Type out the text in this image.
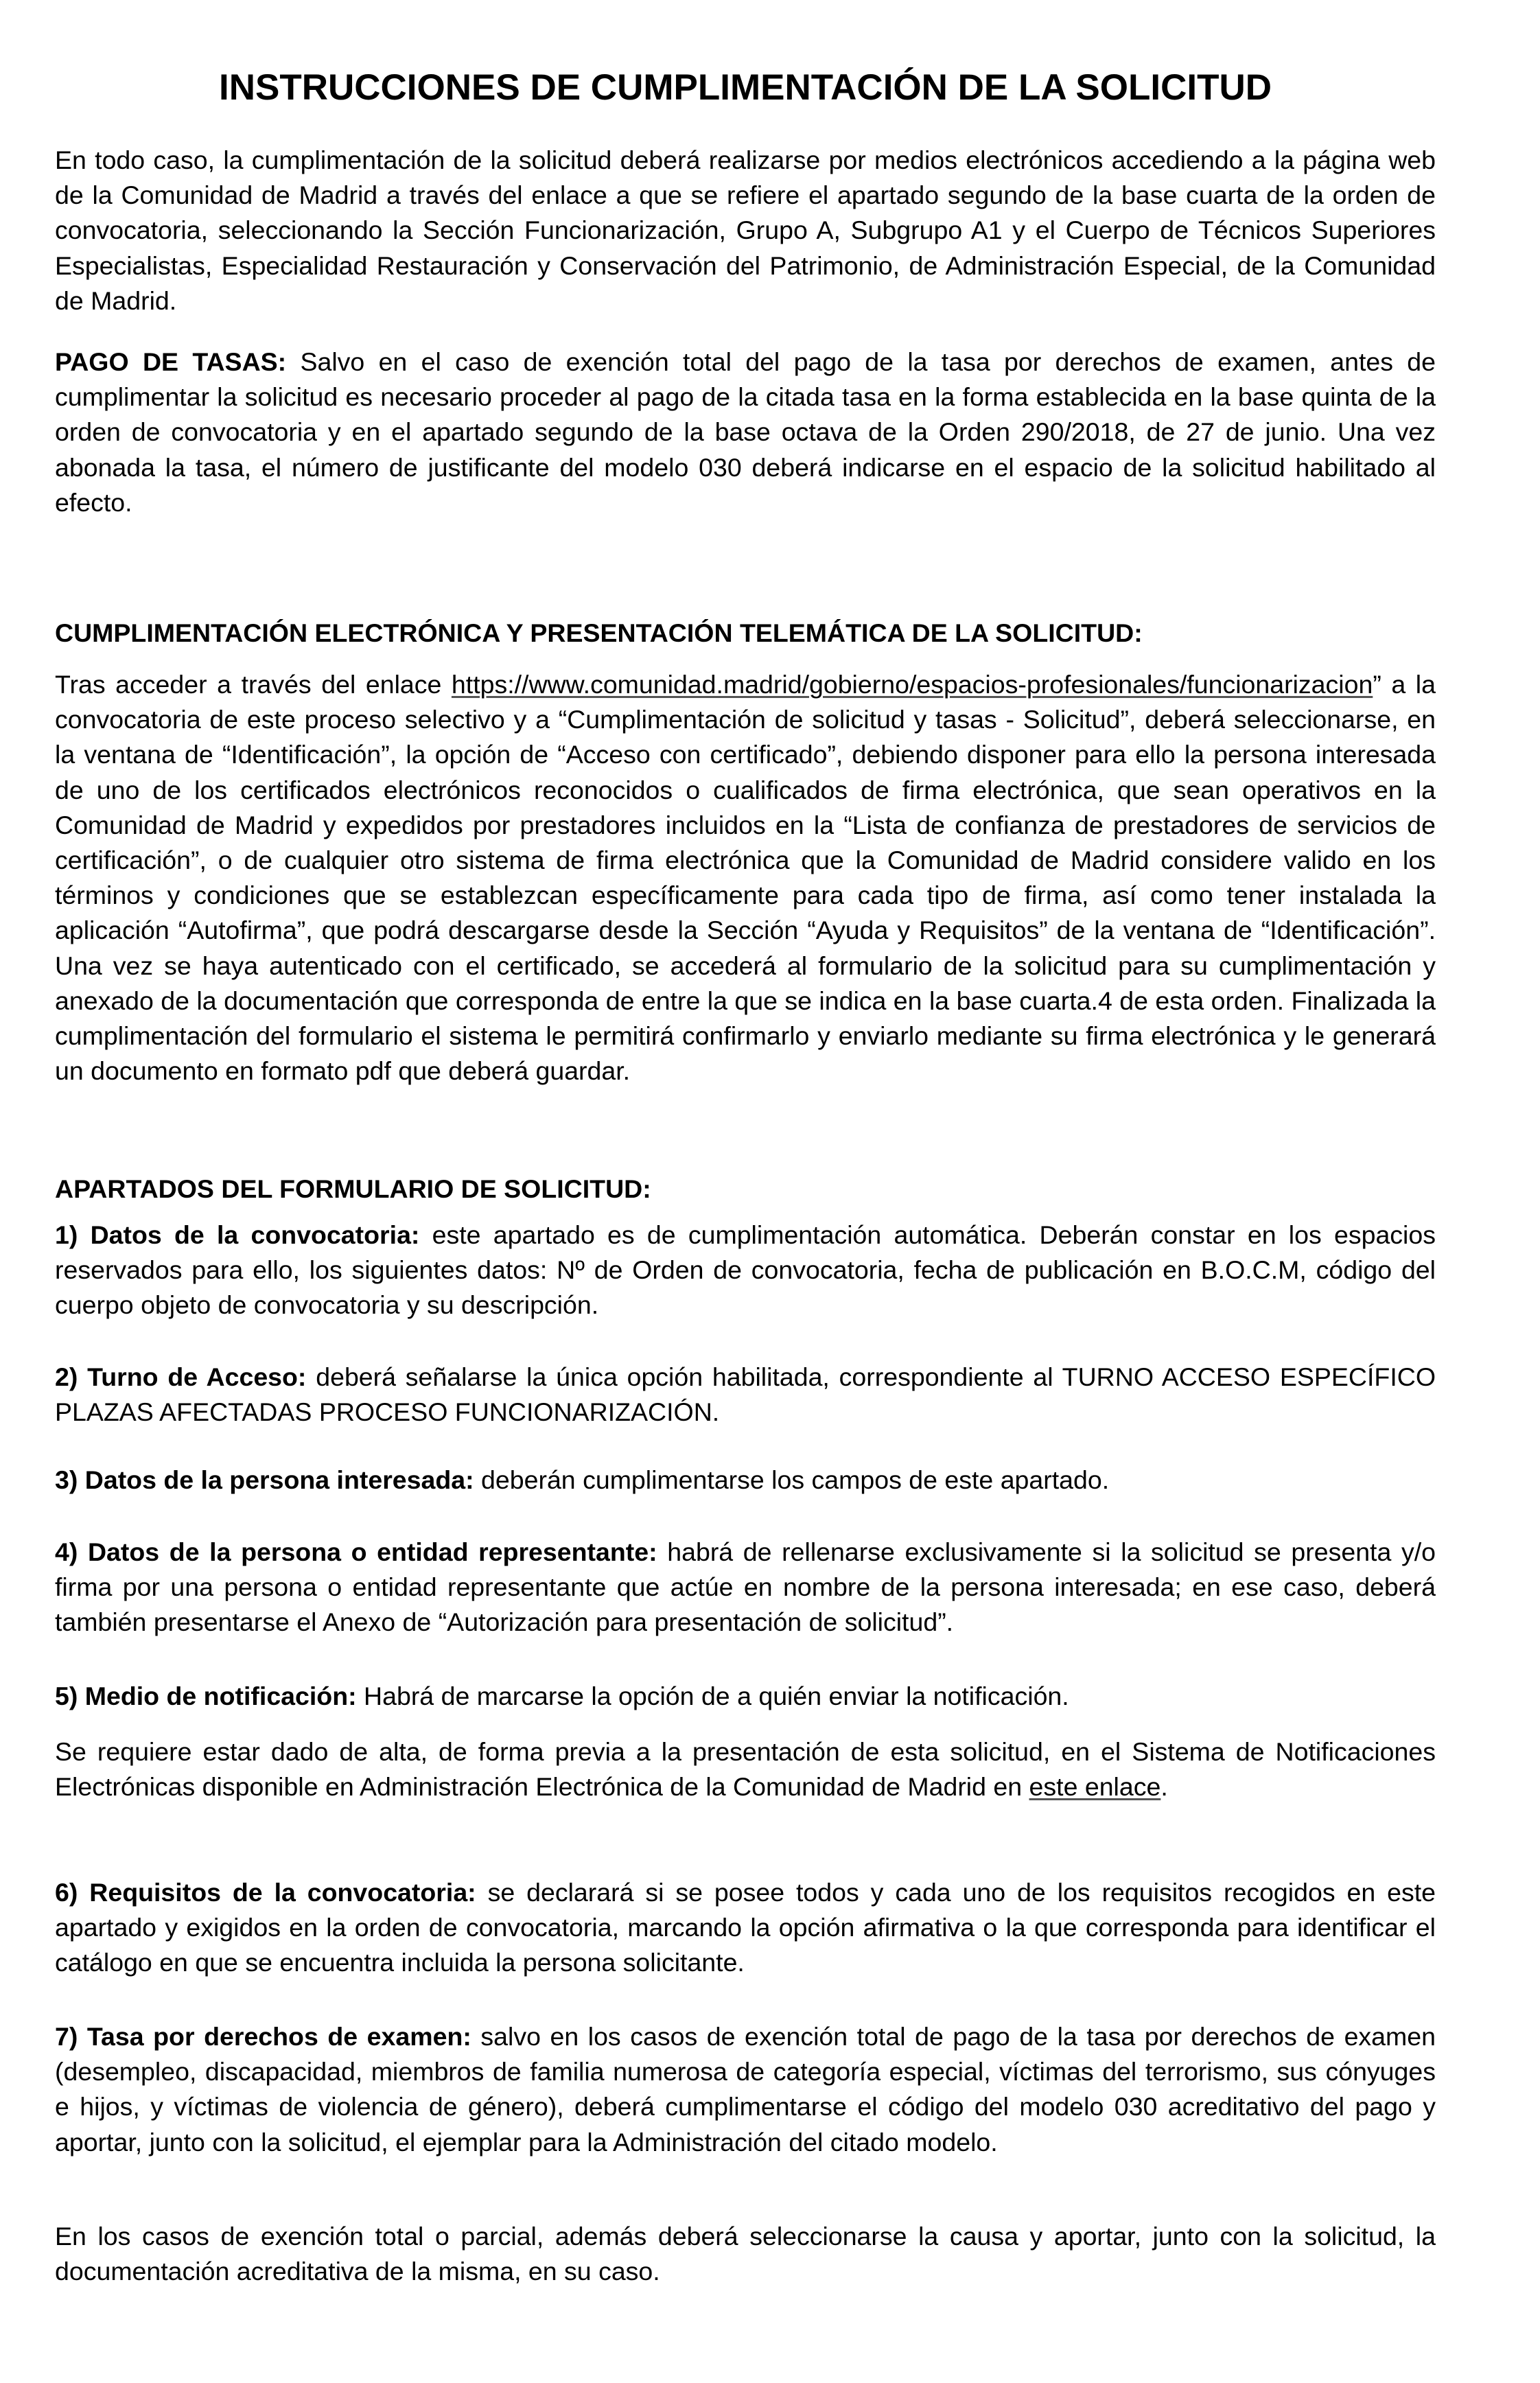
INSTRUCCIONES DE CUMPLIMENTACIÓN DE LA SOLICITUD

En todo caso, la cumplimentación de la solicitud deberá realizarse por medios electrónicos accediendo a la página web de la Comunidad de Madrid a través del enlace a que se refiere el apartado segundo de la base cuarta de la orden de convocatoria, seleccionando la Sección Funcionarización, Grupo A, Subgrupo A1 y el Cuerpo de Técnicos Superiores Especialistas, Especialidad Restauración y Conservación del Patrimonio, de Administración Especial, de la Comunidad de Madrid.

PAGO DE TASAS: Salvo en el caso de exención total del pago de la tasa por derechos de examen, antes de cumplimentar la solicitud es necesario proceder al pago de la citada tasa en la forma establecida en la base quinta de la orden de convocatoria y en el apartado segundo de la base octava de la Orden 290/2018, de 27 de junio. Una vez abonada la tasa, el número de justificante del modelo 030 deberá indicarse en el espacio de la solicitud habilitado al efecto.

CUMPLIMENTACIÓN ELECTRÓNICA Y PRESENTACIÓN TELEMÁTICA DE LA SOLICITUD:

Tras acceder a través del enlace https://www.comunidad.madrid/gobierno/espacios-profesionales/funcionarizacion” a la convocatoria de este proceso selectivo y a “Cumplimentación de solicitud y tasas - Solicitud”, deberá seleccionarse, en la ventana de “Identificación”, la opción de “Acceso con certificado”, debiendo disponer para ello la persona interesada de uno de los certificados electrónicos reconocidos o cualificados de firma electrónica, que sean operativos en la Comunidad de Madrid y expedidos por prestadores incluidos en la “Lista de confianza de prestadores de servicios de certificación”, o de cualquier otro sistema de firma electrónica que la Comunidad de Madrid considere valido en los términos y condiciones que se establezcan específicamente para cada tipo de firma, así como tener instalada la aplicación “Autofirma”, que podrá descargarse desde la Sección “Ayuda y Requisitos” de la ventana de “Identificación”. Una vez se haya autenticado con el certificado, se accederá al formulario de la solicitud para su cumplimentación y anexado de la documentación que corresponda de entre la que se indica en la base cuarta.4 de esta orden. Finalizada la cumplimentación del formulario el sistema le permitirá confirmarlo y enviarlo mediante su firma electrónica y le generará un documento en formato pdf que deberá guardar.

APARTADOS DEL FORMULARIO DE SOLICITUD:

1) Datos de la convocatoria: este apartado es de cumplimentación automática. Deberán constar en los espacios reservados para ello, los siguientes datos: Nº de Orden de convocatoria, fecha de publicación en B.O.C.M, código del cuerpo objeto de convocatoria y su descripción.

2) Turno de Acceso: deberá señalarse la única opción habilitada, correspondiente al TURNO ACCESO ESPECÍFICO PLAZAS AFECTADAS PROCESO FUNCIONARIZACIÓN.

3) Datos de la persona interesada: deberán cumplimentarse los campos de este apartado.

4) Datos de la persona o entidad representante: habrá de rellenarse exclusivamente si la solicitud se presenta y/o firma por una persona o entidad representante que actúe en nombre de la persona interesada; en ese caso, deberá también presentarse el Anexo de “Autorización para presentación de solicitud”.

5) Medio de notificación: Habrá de marcarse la opción de a quién enviar la notificación.

Se requiere estar dado de alta, de forma previa a la presentación de esta solicitud, en el Sistema de Notificaciones Electrónicas disponible en Administración Electrónica de la Comunidad de Madrid en este enlace.

6) Requisitos de la convocatoria: se declarará si se posee todos y cada uno de los requisitos recogidos en este apartado y exigidos en la orden de convocatoria, marcando la opción afirmativa o la que corresponda para identificar el catálogo en que se encuentra incluida la persona solicitante.

7) Tasa por derechos de examen: salvo en los casos de exención total de pago de la tasa por derechos de examen (desempleo, discapacidad, miembros de familia numerosa de categoría especial, víctimas del terrorismo, sus cónyuges e hijos, y víctimas de violencia de género), deberá cumplimentarse el código del modelo 030 acreditativo del pago y aportar, junto con la solicitud, el ejemplar para la Administración del citado modelo.

En los casos de exención total o parcial, además deberá seleccionarse la causa y aportar, junto con la solicitud, la documentación acreditativa de la misma, en su caso.
